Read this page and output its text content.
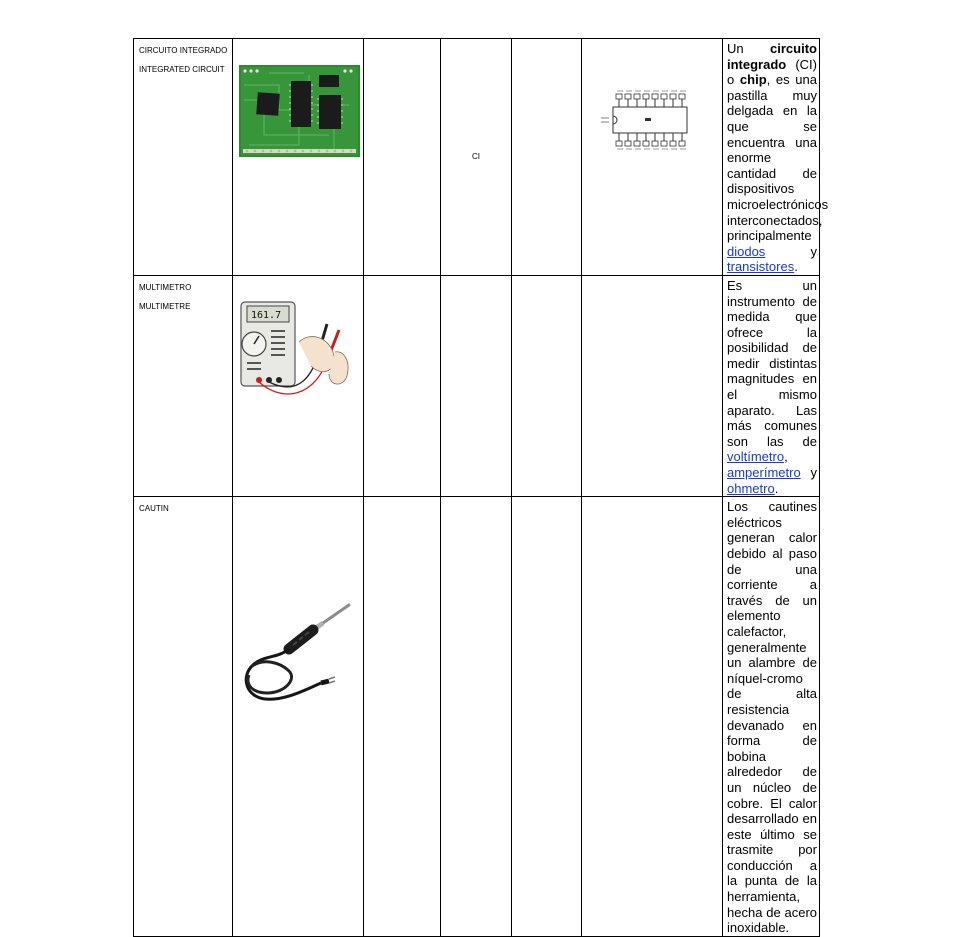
CIRCUITO INTEGRADO
INTEGRATED CIRCUIT			CI			Un circuito integrado (CI) o chip, es una pastilla muy delgada en la que se encuentra una enorme cantidad de dispositivos microelectrónicos interconectados, principalmente diodos y transistores.

MULTIMETRO
MULTIMETRE	161.7					Es un instrumento de medida que ofrece la posibilidad de medir distintas magnitudes en el mismo aparato. Las más comunes son las de voltímetro, amperímetro y ohmetro.

CAUTIN						Los cautines eléctricos generan calor debido al paso de una corriente a través de un elemento calefactor, generalmente un alambre de níquel-cromo de alta resistencia devanado en forma de bobina alrededor de un núcleo de cobre. El calor desarrollado en este último se trasmite por conducción a la punta de la herramienta, hecha de acero inoxidable.
